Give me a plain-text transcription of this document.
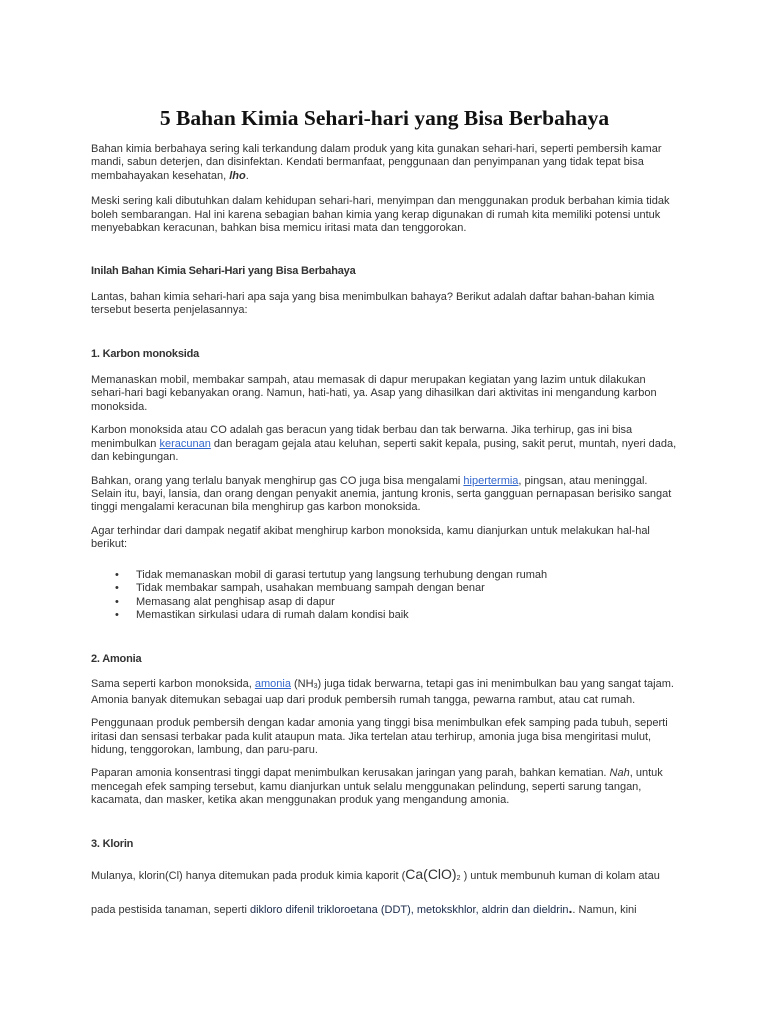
5 Bahan Kimia Sehari-hari yang Bisa Berbahaya

Bahan kimia berbahaya sering kali terkandung dalam produk yang kita gunakan sehari-hari, seperti pembersih kamar mandi, sabun deterjen, dan disinfektan. Kendati bermanfaat, penggunaan dan penyimpanan yang tidak tepat bisa membahayakan kesehatan, lho.

Meski sering kali dibutuhkan dalam kehidupan sehari-hari, menyimpan dan menggunakan produk berbahan kimia tidak boleh sembarangan. Hal ini karena sebagian bahan kimia yang kerap digunakan di rumah kita memiliki potensi untuk menyebabkan keracunan, bahkan bisa memicu iritasi mata dan tenggorokan.

Inilah Bahan Kimia Sehari-Hari yang Bisa Berbahaya

Lantas, bahan kimia sehari-hari apa saja yang bisa menimbulkan bahaya? Berikut adalah daftar bahan-bahan kimia tersebut beserta penjelasannya:

1. Karbon monoksida

Memanaskan mobil, membakar sampah, atau memasak di dapur merupakan kegiatan yang lazim untuk dilakukan sehari-hari bagi kebanyakan orang. Namun, hati-hati, ya. Asap yang dihasilkan dari aktivitas ini mengandung karbon monoksida.

Karbon monoksida atau CO adalah gas beracun yang tidak berbau dan tak berwarna. Jika terhirup, gas ini bisa menimbulkan keracunan dan beragam gejala atau keluhan, seperti sakit kepala, pusing, sakit perut, muntah, nyeri dada, dan kebingungan.

Bahkan, orang yang terlalu banyak menghirup gas CO juga bisa mengalami hipertermia, pingsan, atau meninggal. Selain itu, bayi, lansia, dan orang dengan penyakit anemia, jantung kronis, serta gangguan pernapasan berisiko sangat tinggi mengalami keracunan bila menghirup gas karbon monoksida.

Agar terhindar dari dampak negatif akibat menghirup karbon monoksida, kamu dianjurkan untuk melakukan hal-hal berikut:

• Tidak memanaskan mobil di garasi tertutup yang langsung terhubung dengan rumah
• Tidak membakar sampah, usahakan membuang sampah dengan benar
• Memasang alat penghisap asap di dapur
• Memastikan sirkulasi udara di rumah dalam kondisi baik

2. Amonia

Sama seperti karbon monoksida, amonia (NH3) juga tidak berwarna, tetapi gas ini menimbulkan bau yang sangat tajam. Amonia banyak ditemukan sebagai uap dari produk pembersih rumah tangga, pewarna rambut, atau cat rumah.

Penggunaan produk pembersih dengan kadar amonia yang tinggi bisa menimbulkan efek samping pada tubuh, seperti iritasi dan sensasi terbakar pada kulit ataupun mata. Jika tertelan atau terhirup, amonia juga bisa mengiritasi mulut, hidung, tenggorokan, lambung, dan paru-paru.

Paparan amonia konsentrasi tinggi dapat menimbulkan kerusakan jaringan yang parah, bahkan kematian. Nah, untuk mencegah efek samping tersebut, kamu dianjurkan untuk selalu menggunakan pelindung, seperti sarung tangan, kacamata, dan masker, ketika akan menggunakan produk yang mengandung amonia.

3. Klorin

Mulanya, klorin(Cl) hanya ditemukan pada produk kimia kaporit (Ca(ClO)2 ) untuk membunuh kuman di kolam atau

pada pestisida tanaman, seperti dikloro difenil trikloroetana (DDT), metokskhlor, aldrin dan dieldrin.. Namun, kini
